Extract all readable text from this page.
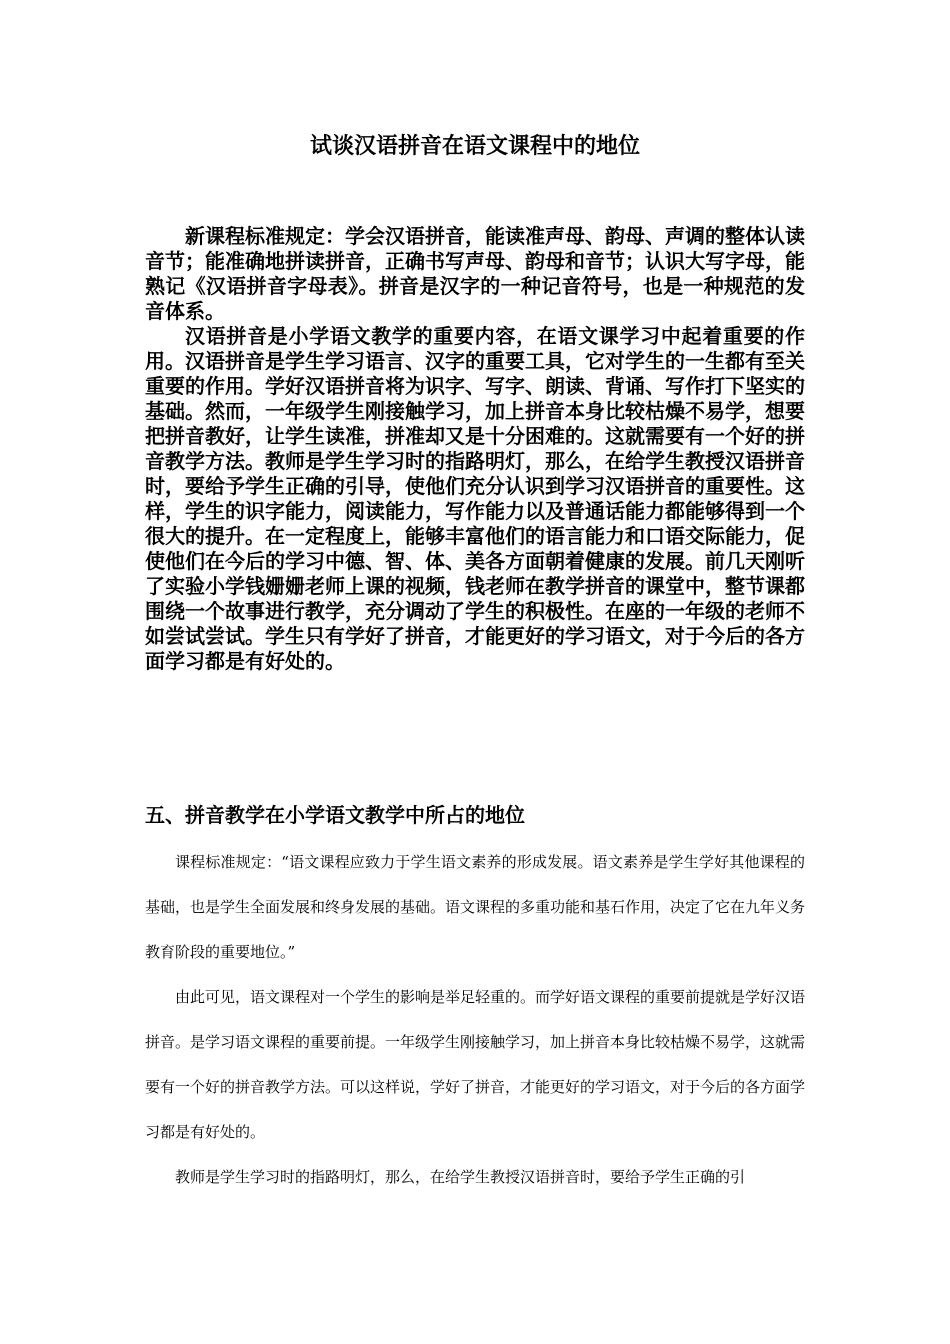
试谈汉语拼音在语文课程中的地位

新课程标准规定：学会汉语拼音，能读准声母、韵母、声调的整体认读音节；能准确地拼读拼音，正确书写声母、韵母和音节；认识大写字母，能熟记《汉语拼音字母表》。拼音是汉字的一种记音符号，也是一种规范的发音体系。

汉语拼音是小学语文教学的重要内容，在语文课学习中起着重要的作用。汉语拼音是学生学习语言、汉字的重要工具，它对学生的一生都有至关重要的作用。学好汉语拼音将为识字、写字、朗读、背诵、写作打下坚实的基础。然而，一年级学生刚接触学习，加上拼音本身比较枯燥不易学，想要把拼音教好，让学生读准，拼准却又是十分困难的。这就需要有一个好的拼音教学方法。教师是学生学习时的指路明灯，那么，在给学生教授汉语拼音时，要给予学生正确的引导，使他们充分认识到学习汉语拼音的重要性。这样，学生的识字能力，阅读能力，写作能力以及普通话能力都能够得到一个很大的提升。在一定程度上，能够丰富他们的语言能力和口语交际能力，促使他们在今后的学习中德、智、体、美各方面朝着健康的发展。前几天刚听了实验小学钱姗姗老师上课的视频，钱老师在教学拼音的课堂中，整节课都围绕一个故事进行教学，充分调动了学生的积极性。在座的一年级的老师不如尝试尝试。学生只有学好了拼音，才能更好的学习语文，对于今后的各方面学习都是有好处的。

五、拼音教学在小学语文教学中所占的地位

课程标准规定：“语文课程应致力于学生语文素养的形成发展。语文素养是学生学好其他课程的基础，也是学生全面发展和终身发展的基础。语文课程的多重功能和基石作用，决定了它在九年义务教育阶段的重要地位。”

由此可见，语文课程对一个学生的影响是举足轻重的。而学好语文课程的重要前提就是学好汉语拼音。是学习语文课程的重要前提。一年级学生刚接触学习，加上拼音本身比较枯燥不易学，这就需要有一个好的拼音教学方法。可以这样说，学好了拼音，才能更好的学习语文，对于今后的各方面学习都是有好处的。

教师是学生学习时的指路明灯，那么，在给学生教授汉语拼音时，要给予学生正确的引
